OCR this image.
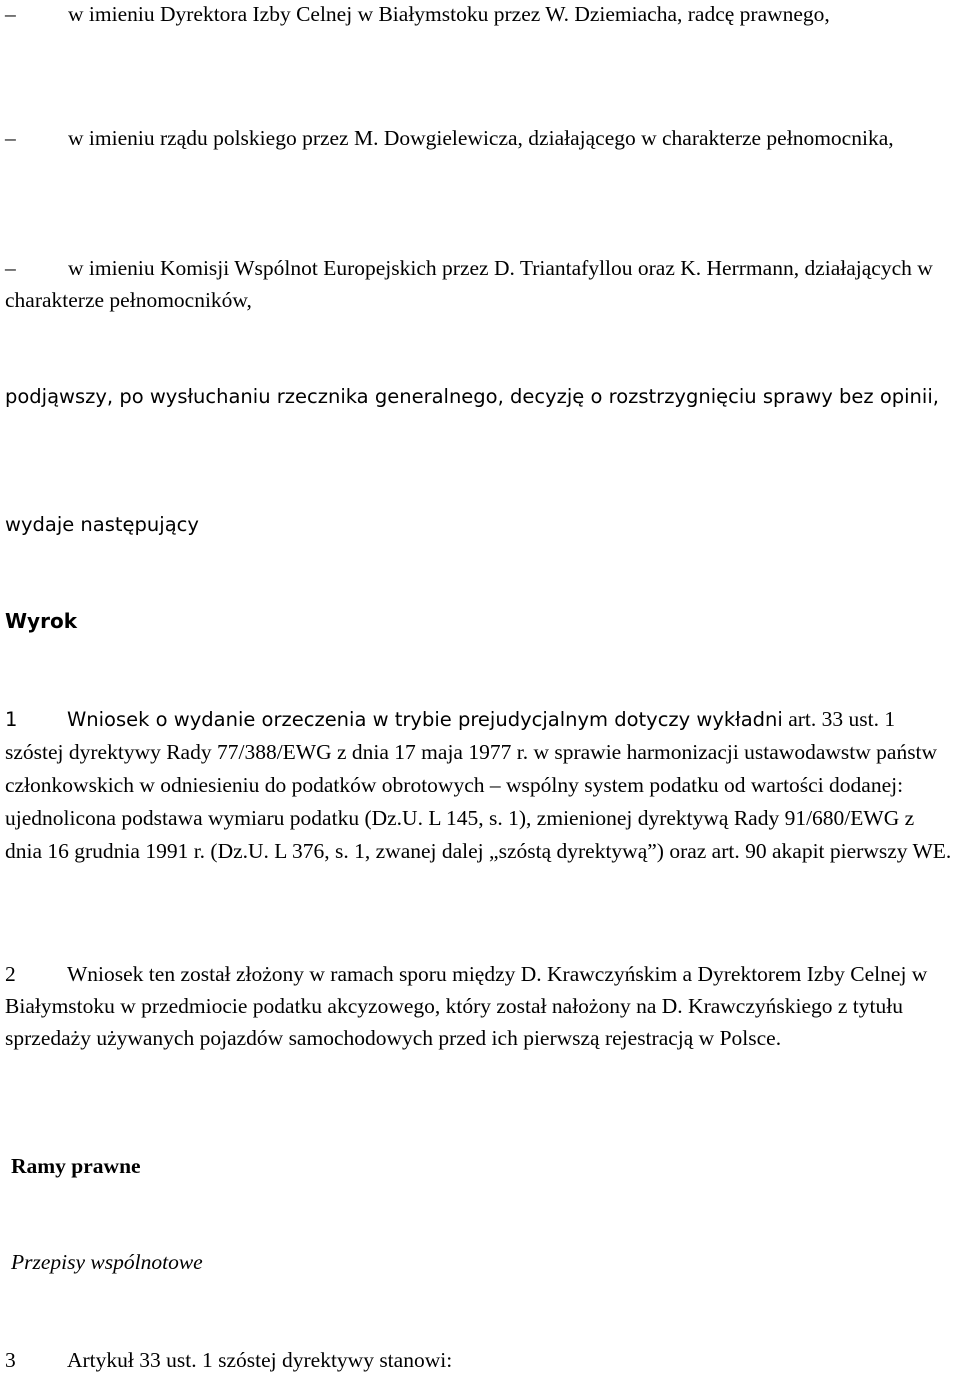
– w imieniu Dyrektora Izby Celnej w Białymstoku przez W. Dziemiacha, radcę prawnego,

– w imieniu rządu polskiego przez M. Dowgielewicza, działającego w charakterze pełnomocnika,

– w imieniu Komisji Wspólnot Europejskich przez D. Triantafyllou oraz K. Herrmann, działających w charakterze pełnomocników,

podjąwszy, po wysłuchaniu rzecznika generalnego, decyzję o rozstrzygnięciu sprawy bez opinii,

wydaje następujący

Wyrok

1	Wniosek o wydanie orzeczenia w trybie prejudycjalnym dotyczy wykładni art. 33 ust. 1 szóstej dyrektywy Rady 77/388/EWG z dnia 17 maja 1977 r. w sprawie harmonizacji ustawodawstw państw członkowskich w odniesieniu do podatków obrotowych – wspólny system podatku od wartości dodanej: ujednolicona podstawa wymiaru podatku (Dz.U. L 145, s. 1), zmienionej dyrektywą Rady 91/680/EWG z dnia 16 grudnia 1991 r. (Dz.U. L 376, s. 1, zwanej dalej „szóstą dyrektywą”) oraz art. 90 akapit pierwszy WE.

2 Wniosek ten został złożony w ramach sporu między D. Krawczyńskim a Dyrektorem Izby Celnej w Białymstoku w przedmiocie podatku akcyzowego, który został nałożony na D. Krawczyńskiego z tytułu sprzedaży używanych pojazdów samochodowych przed ich pierwszą rejestracją w Polsce.

Ramy prawne

Przepisy wspólnotowe

3 Artykuł 33 ust. 1 szóstej dyrektywy stanowi:
